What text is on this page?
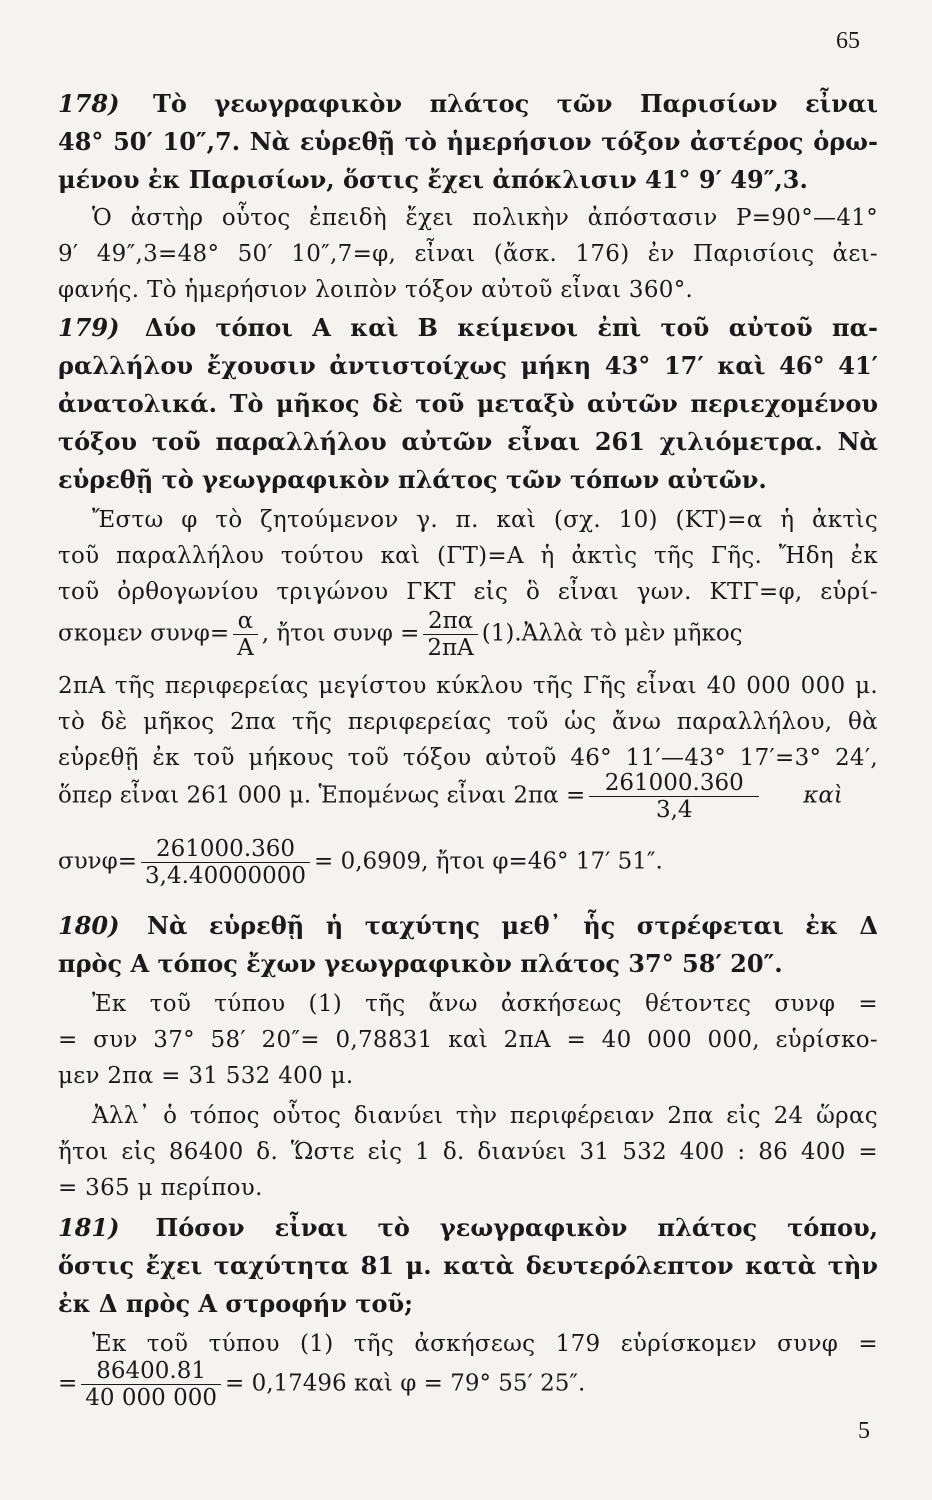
65
178) Τὸ γεωγραφικὸν πλάτος τῶν Παρισίων εἶναι
48° 50′ 10″,7. Νὰ εὑρεθῇ τὸ ἡμερήσιον τόξον ἀστέρος ὁρω-
μένου ἐκ Παρισίων, ὅστις ἔχει ἀπόκλισιν 41° 9′ 49″,3.
Ὁ ἀστὴρ οὗτος ἐπειδὴ ἔχει πολικὴν ἀπόστασιν P=90°—41°
9′ 49″,3=48° 50′ 10″,7=φ, εἶναι (ἄσκ. 176) ἐν Παρισίοις ἀει-
φανής. Τὸ ἡμερήσιον λοιπὸν τόξον αὐτοῦ εἶναι 360°.
179) Δύο τόποι Α καὶ Β κείμενοι ἐπὶ τοῦ αὐτοῦ πα-
ραλλήλου ἔχουσιν ἀντιστοίχως μήκη 43° 17′ καὶ 46° 41′
ἀνατολικά. Τὸ μῆκος δὲ τοῦ μεταξὺ αὐτῶν περιεχομένου
τόξου τοῦ παραλλήλου αὐτῶν εἶναι 261 χιλιόμετρα. Νὰ
εὑρεθῇ τὸ γεωγραφικὸν πλάτος τῶν τόπων αὐτῶν.
Ἔστω φ τὸ ζητούμενον γ. π. καὶ (σχ. 10) (ΚΤ)=α ἡ ἀκτὶς
τοῦ παραλλήλου τούτου καὶ (ΓΤ)=Α ἡ ἀκτὶς τῆς Γῆς. Ἤδη ἐκ
τοῦ ὀρθογωνίου τριγώνου ΓΚΤ εἰς ὃ εἶναι γων. ΚΤΓ=φ, εὑρί-
σκομεν $\sigma\upsilon\nu\varphi= \frac{\alpha}{A}$ , ἤτοι $\sigma\upsilon\nu\varphi = \frac{2\pi\alpha}{2\pi A}$ (1).Ἀλλὰ τὸ μὲν μῆκος
2πΑ τῆς περιφερείας μεγίστου κύκλου τῆς Γῆς εἶναι 40 000 000 μ.
τὸ δὲ μῆκος 2πα τῆς περιφερείας τοῦ ὡς ἄνω παραλλήλου, θὰ
εὑρεθῇ ἐκ τοῦ μήκους τοῦ τόξου αὐτοῦ 46° 11′—43° 17′=3° 24′,
ὅπερ εἶναι 261 000 μ. Ἑπομένως εἶναι $2\pi\alpha = \frac{261000.360}{3,4}$ καὶ
$\sigma\upsilon\nu\varphi= \frac{261000.360}{3,4.40000000} = 0,6909$, ἤτοι φ=46° 17′ 51″.
180) Νὰ εὑρεθῇ ἡ ταχύτης μεθ᾽ ἧς στρέφεται ἐκ Δ
πρὸς Α τόπος ἔχων γεωγραφικὸν πλάτος 37° 58′ 20″.
Ἐκ τοῦ τύπου (1) τῆς ἄνω ἀσκήσεως θέτοντες συνφ =
= συν 37° 58′ 20″= 0,78831 καὶ 2πΑ = 40 000 000, εὑρίσκο-
μεν 2πα = 31 532 400 μ.
Ἀλλ᾽ ὁ τόπος οὗτος διανύει τὴν περιφέρειαν 2πα εἰς 24 ὥρας
ἤτοι εἰς 86400 δ. Ὥστε εἰς 1 δ. διανύει 31 532 400 : 86 400 =
= 365 μ περίπου.
181) Πόσον εἶναι τὸ γεωγραφικὸν πλάτος τόπου,
ὅστις ἔχει ταχύτητα 81 μ. κατὰ δευτερόλεπτον κατὰ τὴν
ἐκ Δ πρὸς Α στροφήν τοῦ;
Ἐκ τοῦ τύπου (1) τῆς ἀσκήσεως 179 εὑρίσκομεν συνφ =
= $\frac{86400.81}{40 000 000} = 0,17496$ καὶ φ = 79° 55′ 25″.
5
